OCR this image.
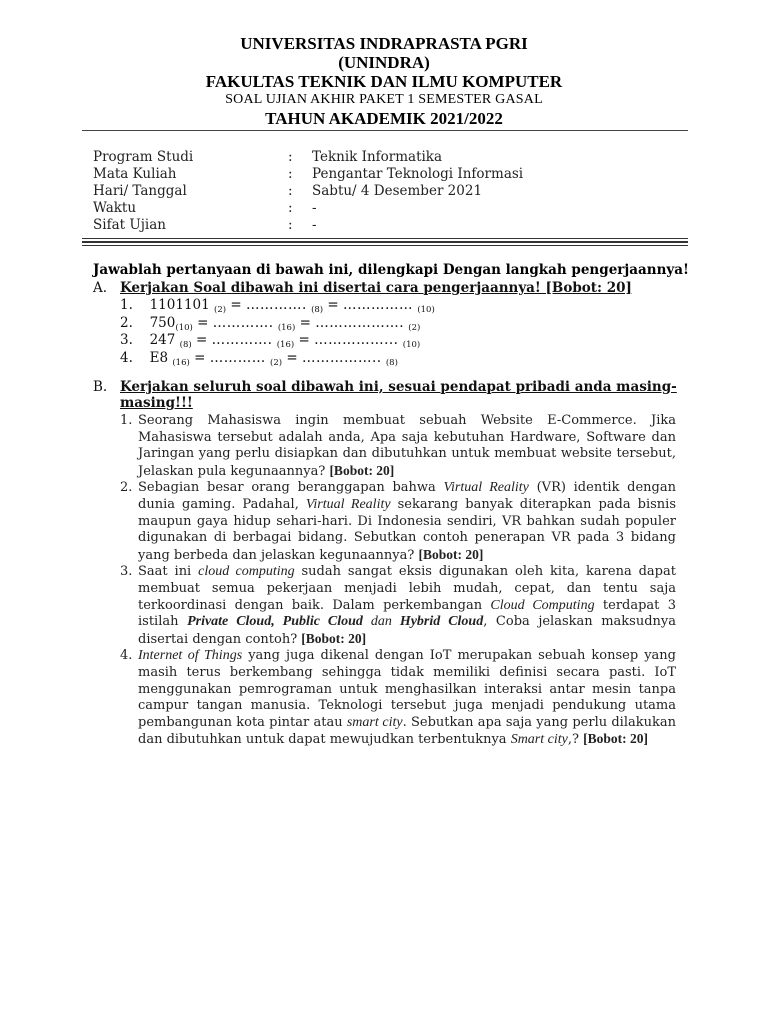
UNIVERSITAS INDRAPRASTA PGRI
(UNINDRA)
FAKULTAS TEKNIK DAN ILMU KOMPUTER
SOAL UJIAN AKHIR PAKET 1 SEMESTER GASAL
TAHUN AKADEMIK 2021/2022
Program Studi	:	Teknik Informatika
Mata Kuliah	:	Pengantar Teknologi Informasi
Hari/ Tanggal	:	Sabtu/ 4 Desember 2021
Waktu	:	-
Sifat Ujian	:	-
Jawablah pertanyaan di bawah ini, dilengkapi Dengan langkah pengerjaannya!
A. Kerjakan Soal dibawah ini disertai cara pengerjaannya! [Bobot: 20]
1.	1101101 $_{(2)}$ = …………. $_{(8)}$ = …………… $_{(10)}$
2.	$750_{(10)}$ = …………. $_{(16)}$ = ………………. $_{(2)}$
3.	247 $_{(8)}$ = …………. $_{(16)}$ = ……………... $_{(10)}$
4.	E8 $_{(16)}$ = ………… $_{(2)}$ = …………….. $_{(8)}$
B. Kerjakan seluruh soal dibawah ini, sesuai pendapat pribadi anda masing-masing!!!
1. Seorang Mahasiswa ingin membuat sebuah Website E-Commerce. Jika Mahasiswa tersebut adalah anda, Apa saja kebutuhan Hardware, Software dan Jaringan yang perlu disiapkan dan dibutuhkan untuk membuat website tersebut, Jelaskan pula kegunaannya? [Bobot: 20]
2. Sebagian besar orang beranggapan bahwa Virtual Reality (VR) identik dengan dunia gaming. Padahal, Virtual Reality sekarang banyak diterapkan pada bisnis maupun gaya hidup sehari-hari. Di Indonesia sendiri, VR bahkan sudah populer digunakan di berbagai bidang. Sebutkan contoh penerapan VR pada 3 bidang yang berbeda dan jelaskan kegunaannya? [Bobot: 20]
3. Saat ini cloud computing sudah sangat eksis digunakan oleh kita, karena dapat membuat semua pekerjaan menjadi lebih mudah, cepat, dan tentu saja terkoordinasi dengan baik. Dalam perkembangan Cloud Computing terdapat 3 istilah Private Cloud, Public Cloud dan Hybrid Cloud, Coba jelaskan maksudnya disertai dengan contoh? [Bobot: 20]
4. Internet of Things yang juga dikenal dengan IoT merupakan sebuah konsep yang masih terus berkembang sehingga tidak memiliki definisi secara pasti. IoT menggunakan pemrograman untuk menghasilkan interaksi antar mesin tanpa campur tangan manusia. Teknologi tersebut juga menjadi pendukung utama pembangunan kota pintar atau smart city. Sebutkan apa saja yang perlu dilakukan dan dibutuhkan untuk dapat mewujudkan terbentuknya Smart city,? [Bobot: 20]
